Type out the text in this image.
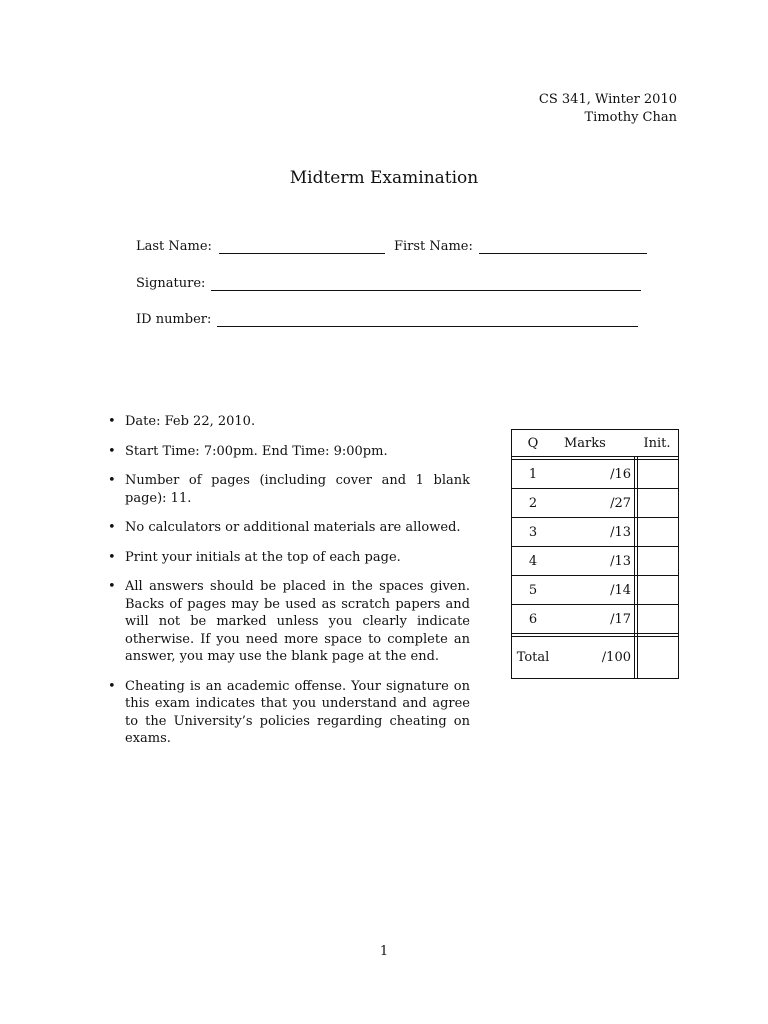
CS 341, Winter 2010
Timothy Chan
Midterm Examination
Last Name:	First Name:
Signature:
ID number:
• Date: Feb 22, 2010.
• Start Time: 7:00pm. End Time: 9:00pm.
• Number of pages (including cover and 1 blank page): 11.
• No calculators or additional materials are allowed.
• Print your initials at the top of each page.
• All answers should be placed in the spaces given. Backs of pages may be used as scratch papers and will not be marked unless you clearly indicate otherwise. If you need more space to complete an answer, you may use the blank page at the end.
• Cheating is an academic offense. Your signature on this exam indicates that you understand and agree to the University’s policies regarding cheating on exams.
Q	Marks	Init.
1	/16
2	/27
3	/13
4	/13
5	/14
6	/17
Total	/100
1
